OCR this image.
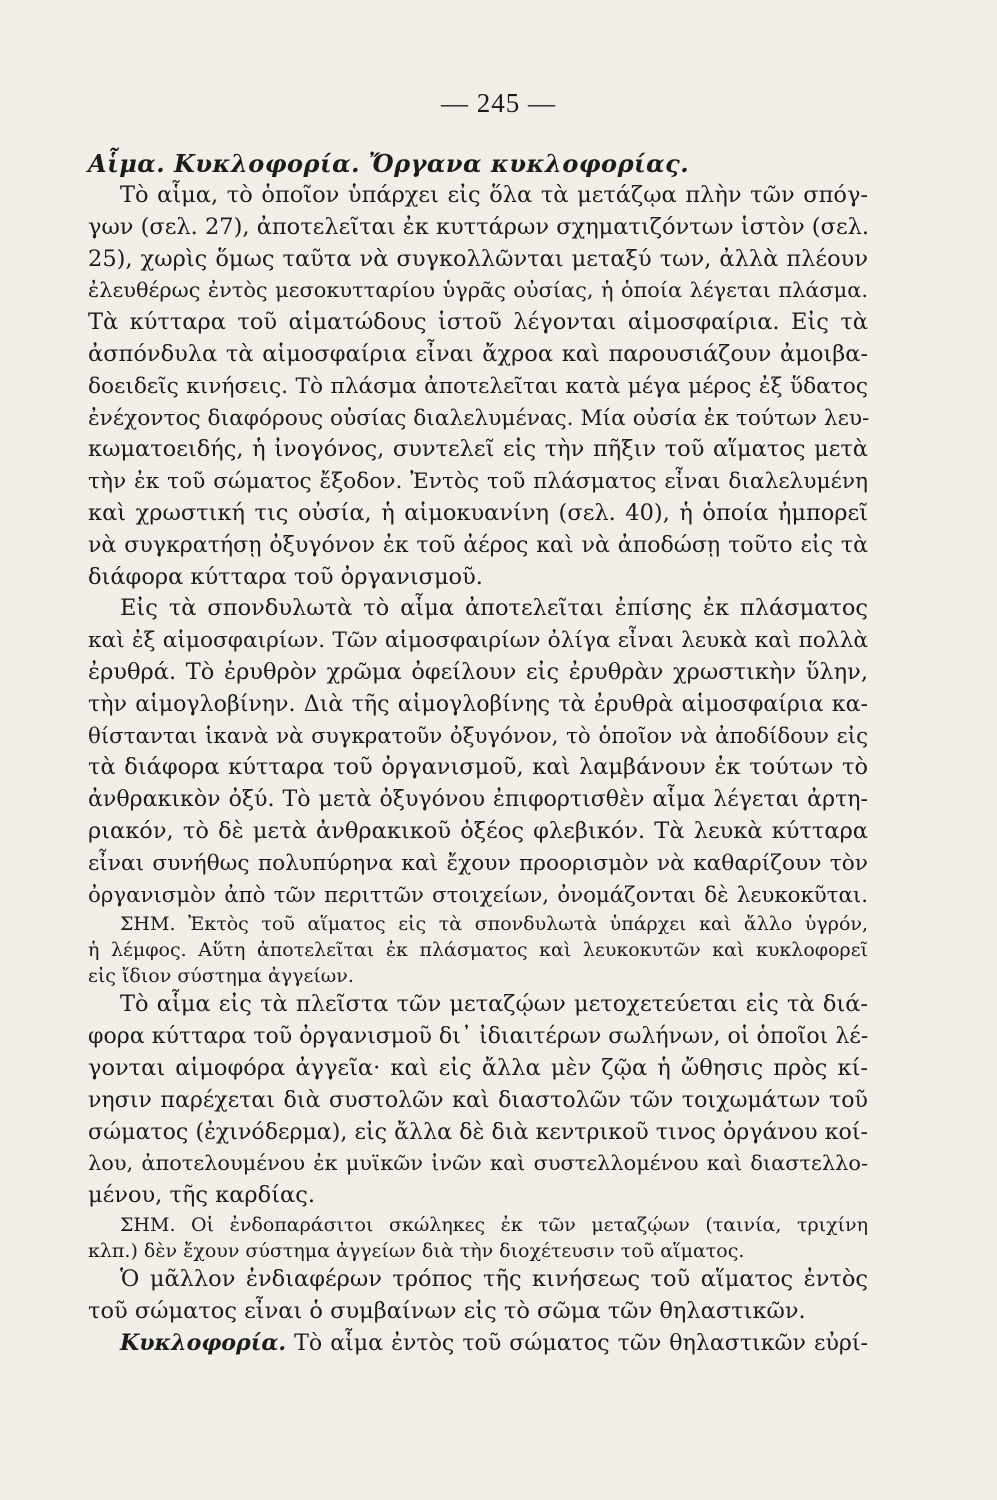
— 245 —
Αἷμα. Κυκλοφορία. Ὄργανα κυκλοφορίας.
Τὸ αἷμα, τὸ ὁποῖον ὑπάρχει εἰς ὅλα τὰ μετάζῳα πλὴν τῶν σπόγ-
γων (σελ. 27), ἀποτελεῖται ἐκ κυττάρων σχηματιζόντων ἱστὸν (σελ.
25), χωρὶς ὅμως ταῦτα νὰ συγκολλῶνται μεταξύ των, ἀλλὰ πλέουν
ἐλευθέρως ἐντὸς μεσοκυτταρίου ὑγρᾶς οὐσίας, ἡ ὁποία λέγεται πλάσμα.
Τὰ κύτταρα τοῦ αἱματώδους ἱστοῦ λέγονται αἱμοσφαίρια. Εἰς τὰ
ἀσπόνδυλα τὰ αἱμοσφαίρια εἶναι ἄχροα καὶ παρουσιάζουν ἀμοιβα-
δοειδεῖς κινήσεις. Τὸ πλάσμα ἀποτελεῖται κατὰ μέγα μέρος ἐξ ὕδατος
ἐνέχοντος διαφόρους οὐσίας διαλελυμένας. Μία οὐσία ἐκ τούτων λευ-
κωματοειδής, ἡ ἰνογόνος, συντελεῖ εἰς τὴν πῆξιν τοῦ αἵματος μετὰ
τὴν ἐκ τοῦ σώματος ἔξοδον. Ἐντὸς τοῦ πλάσματος εἶναι διαλελυμένη
καὶ χρωστική τις οὐσία, ἡ αἱμοκυανίνη (σελ. 40), ἡ ὁποία ἠμπορεῖ
νὰ συγκρατήσῃ ὀξυγόνον ἐκ τοῦ ἀέρος καὶ νὰ ἀποδώσῃ τοῦτο εἰς τὰ
διάφορα κύτταρα τοῦ ὀργανισμοῦ.
Εἰς τὰ σπονδυλωτὰ τὸ αἷμα ἀποτελεῖται ἐπίσης ἐκ πλάσματος
καὶ ἐξ αἱμοσφαιρίων. Τῶν αἱμοσφαιρίων ὀλίγα εἶναι λευκὰ καὶ πολλὰ
ἐρυθρά. Τὸ ἐρυθρὸν χρῶμα ὀφείλουν εἰς ἐρυθρὰν χρωστικὴν ὕλην,
τὴν αἱμογλοβίνην. Διὰ τῆς αἱμογλοβίνης τὰ ἐρυθρὰ αἱμοσφαίρια κα-
θίστανται ἱκανὰ νὰ συγκρατοῦν ὀξυγόνον, τὸ ὁποῖον νὰ ἀποδίδουν εἰς
τὰ διάφορα κύτταρα τοῦ ὀργανισμοῦ, καὶ λαμβάνουν ἐκ τούτων τὸ
ἀνθρακικὸν ὀξύ. Τὸ μετὰ ὀξυγόνου ἐπιφορτισθὲν αἷμα λέγεται ἀρτη-
ριακόν, τὸ δὲ μετὰ ἀνθρακικοῦ ὀξέος φλεβικόν. Τὰ λευκὰ κύτταρα
εἶναι συνήθως πολυπύρηνα καὶ ἔχουν προορισμὸν νὰ καθαρίζουν τὸν
ὀργανισμὸν ἀπὸ τῶν περιττῶν στοιχείων, ὀνομάζονται δὲ λευκοκῦται.
ΣΗΜ. Ἐκτὸς τοῦ αἵματος εἰς τὰ σπονδυλωτὰ ὑπάρχει καὶ ἄλλο ὑγρόν,
ἡ λέμφος. Αὕτη ἀποτελεῖται ἐκ πλάσματος καὶ λευκοκυτῶν καὶ κυκλοφορεῖ
εἰς ἴδιον σύστημα ἀγγείων.
Τὸ αἷμα εἰς τὰ πλεῖστα τῶν μεταζῴων μετοχετεύεται εἰς τὰ διά-
φορα κύτταρα τοῦ ὀργανισμοῦ δι᾽ ἰδιαιτέρων σωλήνων, οἱ ὁποῖοι λέ-
γονται αἱμοφόρα ἀγγεῖα· καὶ εἰς ἄλλα μὲν ζῷα ἡ ὤθησις πρὸς κί-
νησιν παρέχεται διὰ συστολῶν καὶ διαστολῶν τῶν τοιχωμάτων τοῦ
σώματος (ἐχινόδερμα), εἰς ἄλλα δὲ διὰ κεντρικοῦ τινος ὀργάνου κοί-
λου, ἀποτελουμένου ἐκ μυϊκῶν ἰνῶν καὶ συστελλομένου καὶ διαστελλο-
μένου, τῆς καρδίας.
ΣΗΜ. Οἱ ἐνδοπαράσιτοι σκώληκες ἐκ τῶν μεταζῴων (ταινία, τριχίνη
κλπ.) δὲν ἔχουν σύστημα ἀγγείων διὰ τὴν διοχέτευσιν τοῦ αἵματος.
Ὁ μᾶλλον ἐνδιαφέρων τρόπος τῆς κινήσεως τοῦ αἵματος ἐντὸς
τοῦ σώματος εἶναι ὁ συμβαίνων εἰς τὸ σῶμα τῶν θηλαστικῶν.
Κυκλοφορία. Τὸ αἷμα ἐντὸς τοῦ σώματος τῶν θηλαστικῶν εὐρί-
